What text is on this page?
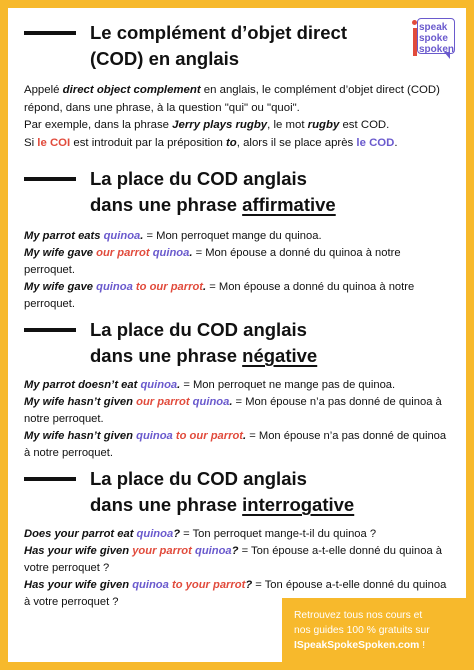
speak
spoke
spoken
Le complément d’objet direct
(COD) en anglais
Appelé direct object complement en anglais, le complément d’objet direct (COD) répond, dans une phrase, à la question "qui" ou "quoi".
Par exemple, dans la phrase Jerry plays rugby, le mot rugby est COD.
Si le COI est introduit par la préposition to, alors il se place après le COD.
La place du COD anglais
dans une phrase affirmative
My parrot eats quinoa. = Mon perroquet mange du quinoa.
My wife gave our parrot quinoa. = Mon épouse a donné du quinoa à notre perroquet.
My wife gave quinoa to our parrot. = Mon épouse a donné du quinoa à notre perroquet.
La place du COD anglais
dans une phrase négative
My parrot doesn’t eat quinoa. = Mon perroquet ne mange pas de quinoa.
My wife hasn’t given our parrot quinoa. = Mon épouse n’a pas donné de quinoa à notre perroquet.
My wife hasn’t given quinoa to our parrot. = Mon épouse n’a pas donné de quinoa à notre perroquet.
La place du COD anglais
dans une phrase interrogative
Does your parrot eat quinoa? = Ton perroquet mange-t-il du quinoa ?
Has your wife given your parrot quinoa? = Ton épouse a-t-elle donné du quinoa à votre perroquet ?
Has your wife given quinoa to your parrot? = Ton épouse a-t-elle donné du quinoa à votre perroquet ?
Retrouvez tous nos cours et
nos guides 100 % gratuits sur
ISpeakSpokeSpoken.com !
